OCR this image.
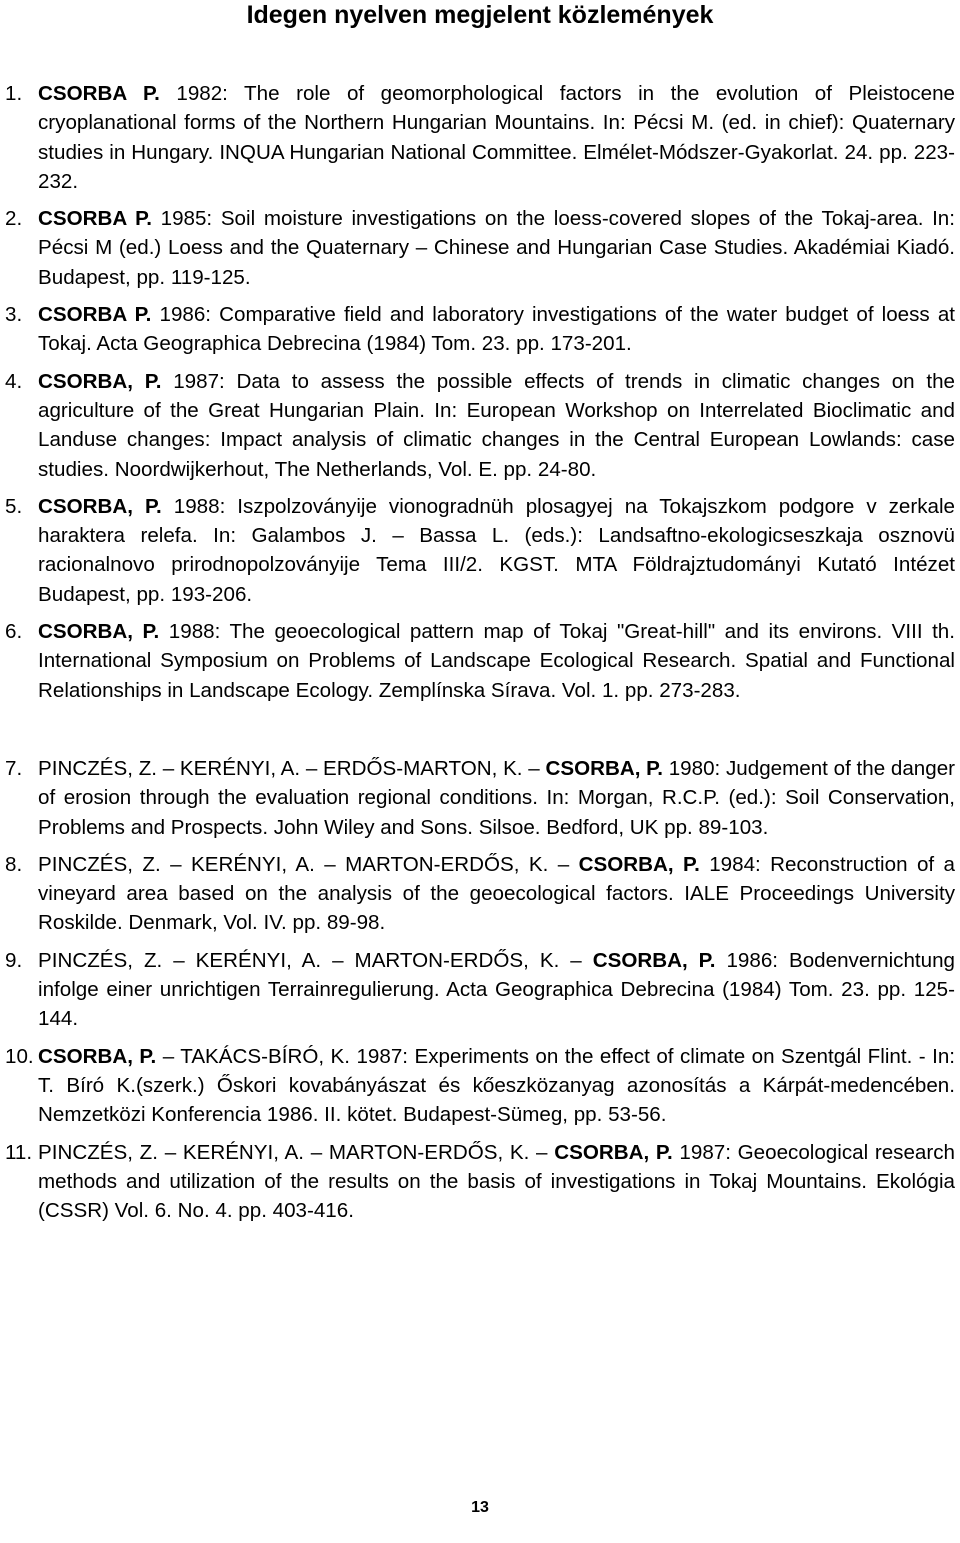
Idegen nyelven megjelent közlemények
1. CSORBA P. 1982: The role of geomorphological factors in the evolution of Pleistocene cryoplanational forms of the Northern Hungarian Mountains. In: Pécsi M. (ed. in chief): Quaternary studies in Hungary. INQUA Hungarian National Committee. Elmélet-Módszer-Gyakorlat. 24. pp. 223-232.
2. CSORBA P. 1985: Soil moisture investigations on the loess-covered slopes of the Tokaj-area. In: Pécsi M (ed.) Loess and the Quaternary – Chinese and Hungarian Case Studies. Akadémiai Kiadó. Budapest, pp. 119-125.
3. CSORBA P. 1986: Comparative field and laboratory investigations of the water budget of loess at Tokaj. Acta Geographica Debrecina (1984) Tom. 23. pp. 173-201.
4. CSORBA, P. 1987: Data to assess the possible effects of trends in climatic changes on the agriculture of the Great Hungarian Plain. In: European Workshop on Interrelated Bioclimatic and Landuse changes: Impact analysis of climatic changes in the Central European Lowlands: case studies. Noordwijkerhout, The Netherlands, Vol. E. pp. 24-80.
5. CSORBA, P. 1988: Iszpolzoványije vionogradnüh plosagyej na Tokajszkom podgore v zerkale haraktera relefa. In: Galambos J. – Bassa L. (eds.): Landsaftno-ekologicseszkaja osznovü racionalnovo prirodnopolzoványije Tema III/2. KGST. MTA Földrajztudományi Kutató Intézet Budapest, pp. 193-206.
6. CSORBA, P. 1988: The geoecological pattern map of Tokaj "Great-hill" and its environs. VIII th. International Symposium on Problems of Landscape Ecological Research. Spatial and Functional Relationships in Landscape Ecology. Zemplínska Sírava. Vol. 1. pp. 273-283.
7. PINCZÉS, Z. – KERÉNYI, A. – ERDŐS-MARTON, K. – CSORBA, P. 1980: Judgement of the danger of erosion through the evaluation regional conditions. In: Morgan, R.C.P. (ed.): Soil Conservation, Problems and Prospects. John Wiley and Sons. Silsoe. Bedford, UK pp. 89-103.
8. PINCZÉS, Z. – KERÉNYI, A. – MARTON-ERDŐS, K. – CSORBA, P. 1984: Reconstruction of a vineyard area based on the analysis of the geoecological factors. IALE Proceedings University Roskilde. Denmark, Vol. IV. pp. 89-98.
9. PINCZÉS, Z. – KERÉNYI, A. – MARTON-ERDŐS, K. – CSORBA, P. 1986: Bodenvernichtung infolge einer unrichtigen Terrainregulierung. Acta Geographica Debrecina (1984) Tom. 23. pp. 125-144.
10. CSORBA, P. – TAKÁCS-BÍRÓ, K. 1987: Experiments on the effect of climate on Szentgál Flint. - In: T. Bíró K.(szerk.) Őskori kovabányászat és kőeszközanyag azonosítás a Kárpát-medencében. Nemzetközi Konferencia 1986. II. kötet. Budapest-Sümeg, pp. 53-56.
11. PINCZÉS, Z. – KERÉNYI, A. – MARTON-ERDŐS, K. – CSORBA, P. 1987: Geoecological research methods and utilization of the results on the basis of investigations in Tokaj Mountains. Ekológia (CSSR) Vol. 6. No. 4. pp. 403-416.
13
